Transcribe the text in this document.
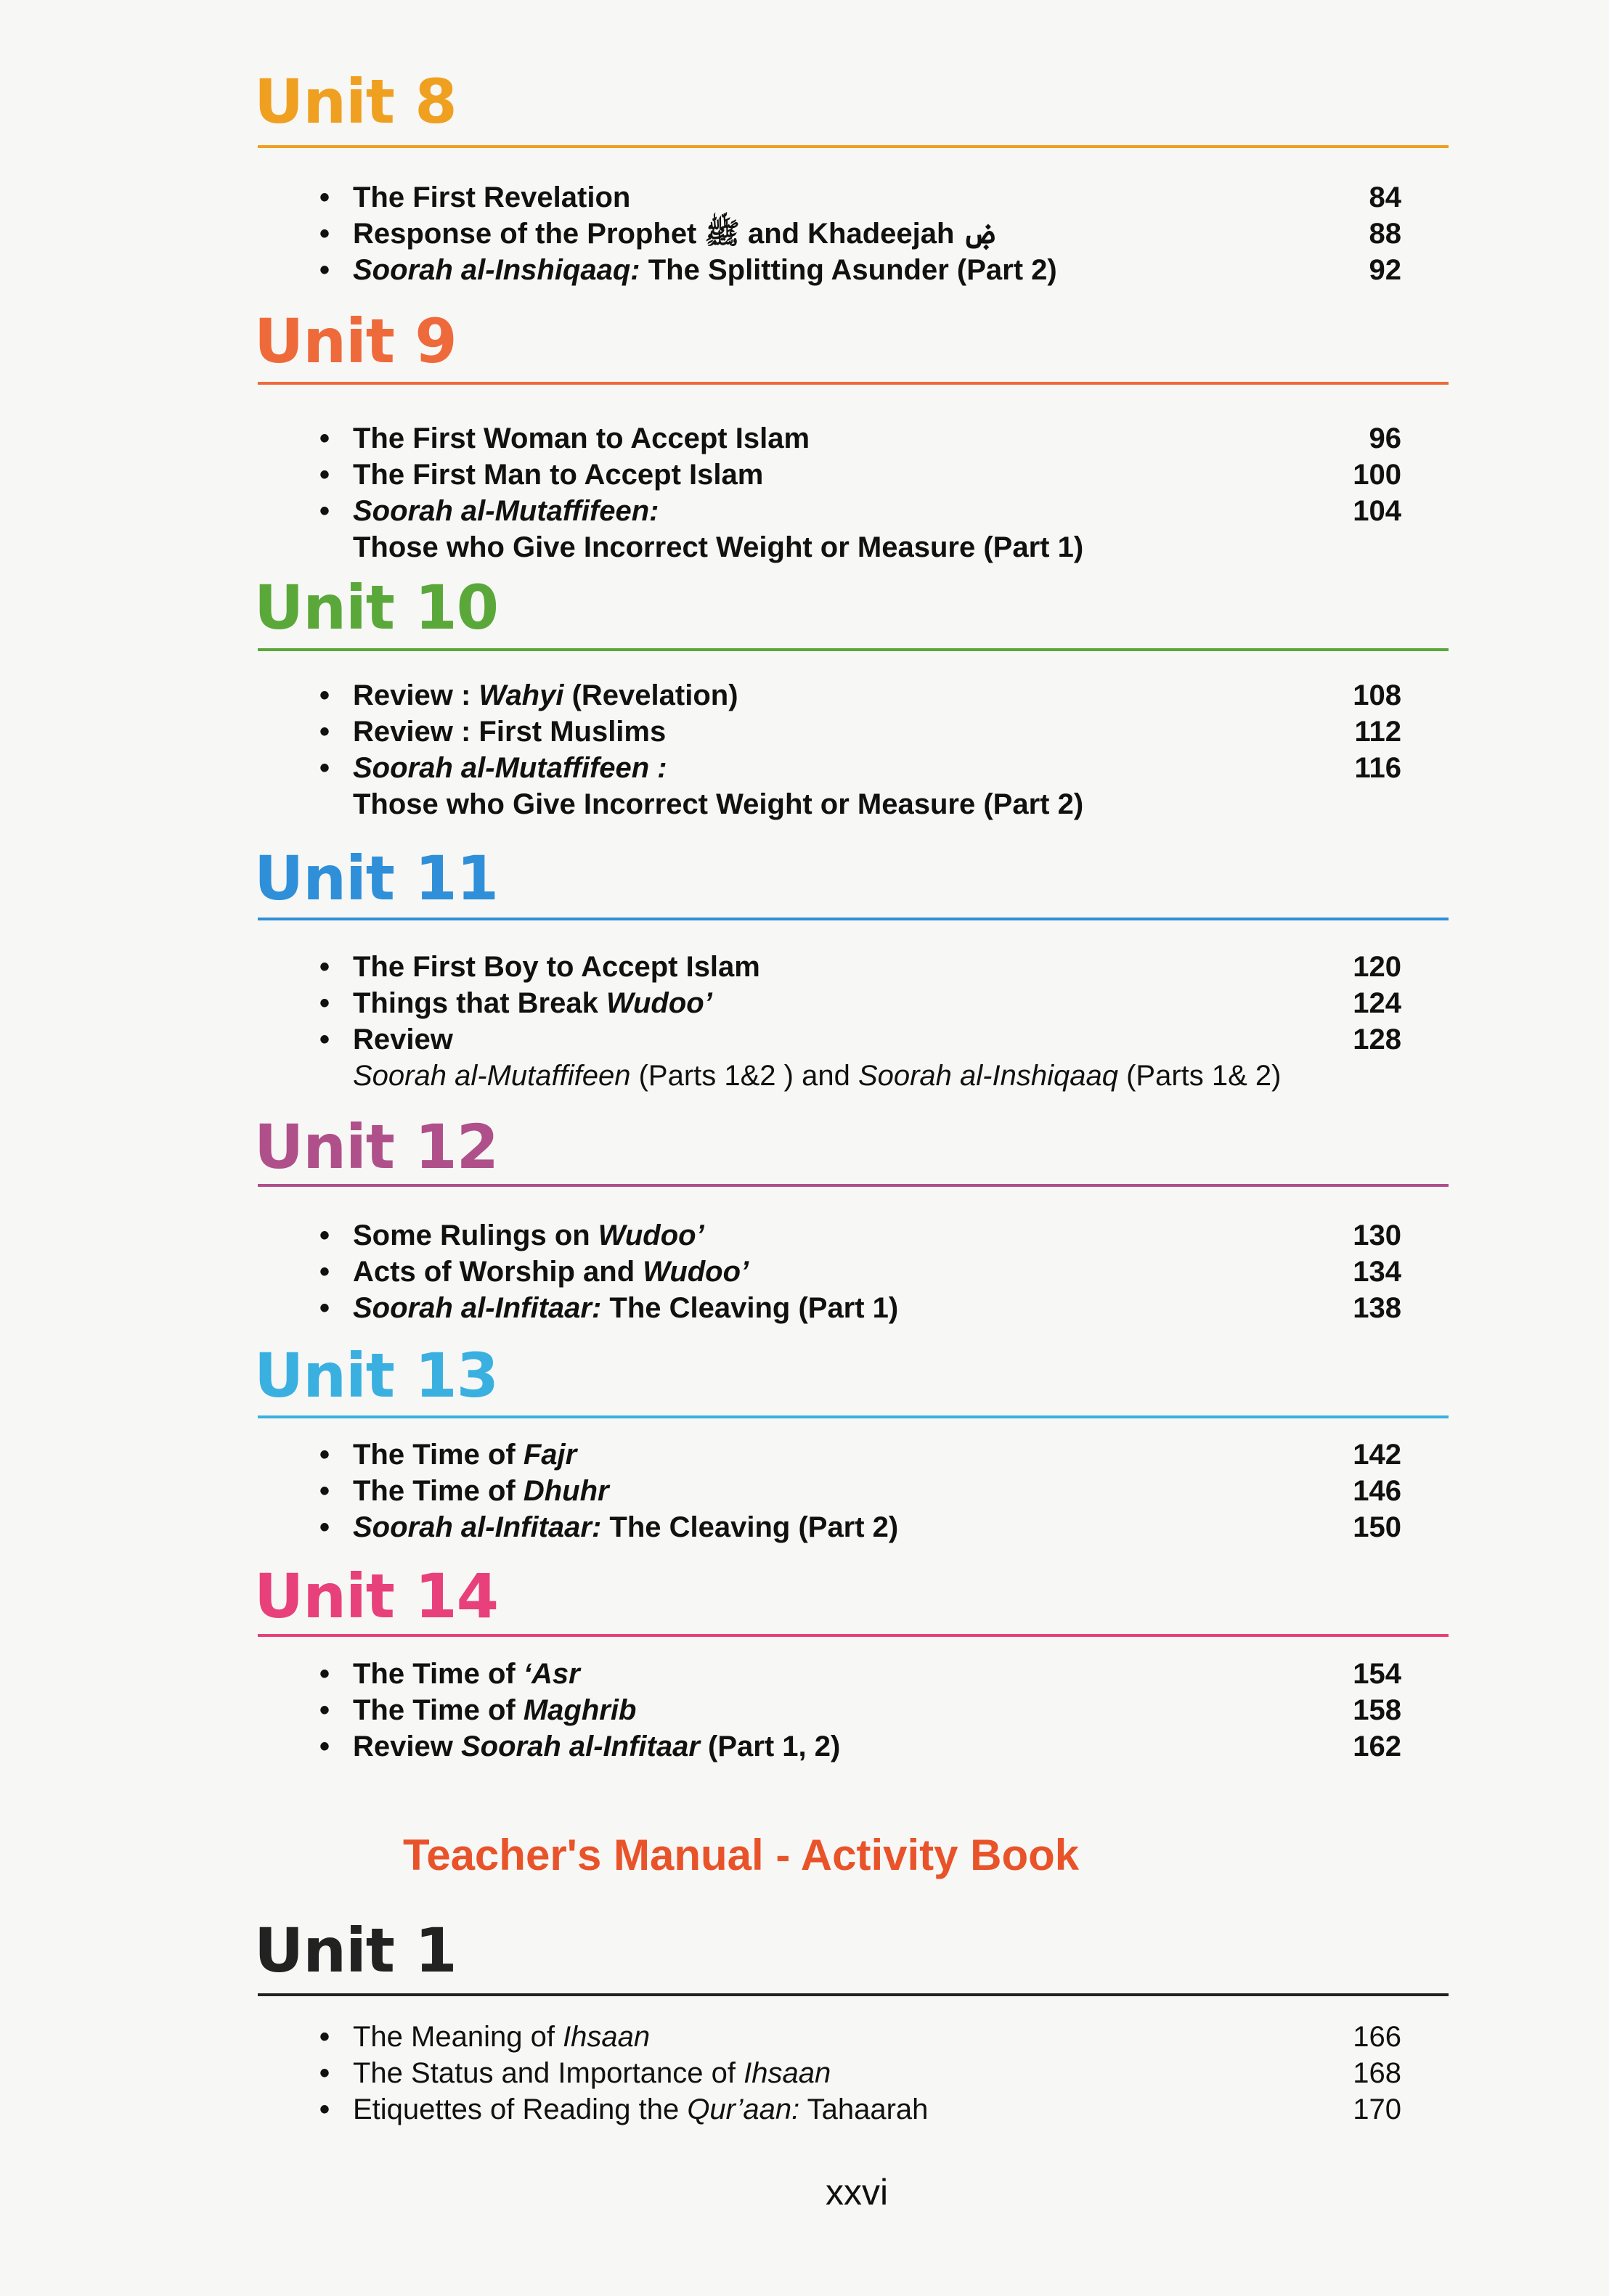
Unit 8
• The First Revelation	84
• Response of the Prophet ﷺ and Khadeejah ۻ	88
• Soorah al-Inshiqaaq: The Splitting Asunder (Part 2)	92
Unit 9
• The First Woman to Accept Islam	96
• The First Man to Accept Islam	100
• Soorah al-Mutaffifeen:	104
Those who Give Incorrect Weight or Measure (Part 1)
Unit 10
• Review : Wahyi (Revelation)	108
• Review : First Muslims	112
• Soorah al-Mutaffifeen :	116
Those who Give Incorrect Weight or Measure (Part 2)
Unit 11
• The First Boy to Accept Islam	120
• Things that Break Wudoo’	124
• Review	128
Soorah al-Mutaffifeen (Parts 1&2 ) and Soorah al-Inshiqaaq (Parts 1& 2)
Unit 12
• Some Rulings on Wudoo’	130
• Acts of Worship and Wudoo’	134
• Soorah al-Infitaar: The Cleaving (Part 1)	138
Unit 13
• The Time of Fajr	142
• The Time of Dhuhr	146
• Soorah al-Infitaar: The Cleaving (Part 2)	150
Unit 14
• The Time of ‘Asr	154
• The Time of Maghrib	158
• Review Soorah al-Infitaar (Part 1, 2)	162
Teacher's Manual - Activity Book
Unit 1
• The Meaning of Ihsaan	166
• The Status and Importance of Ihsaan	168
• Etiquettes of Reading the Qur’aan: Tahaarah	170
xxvi
